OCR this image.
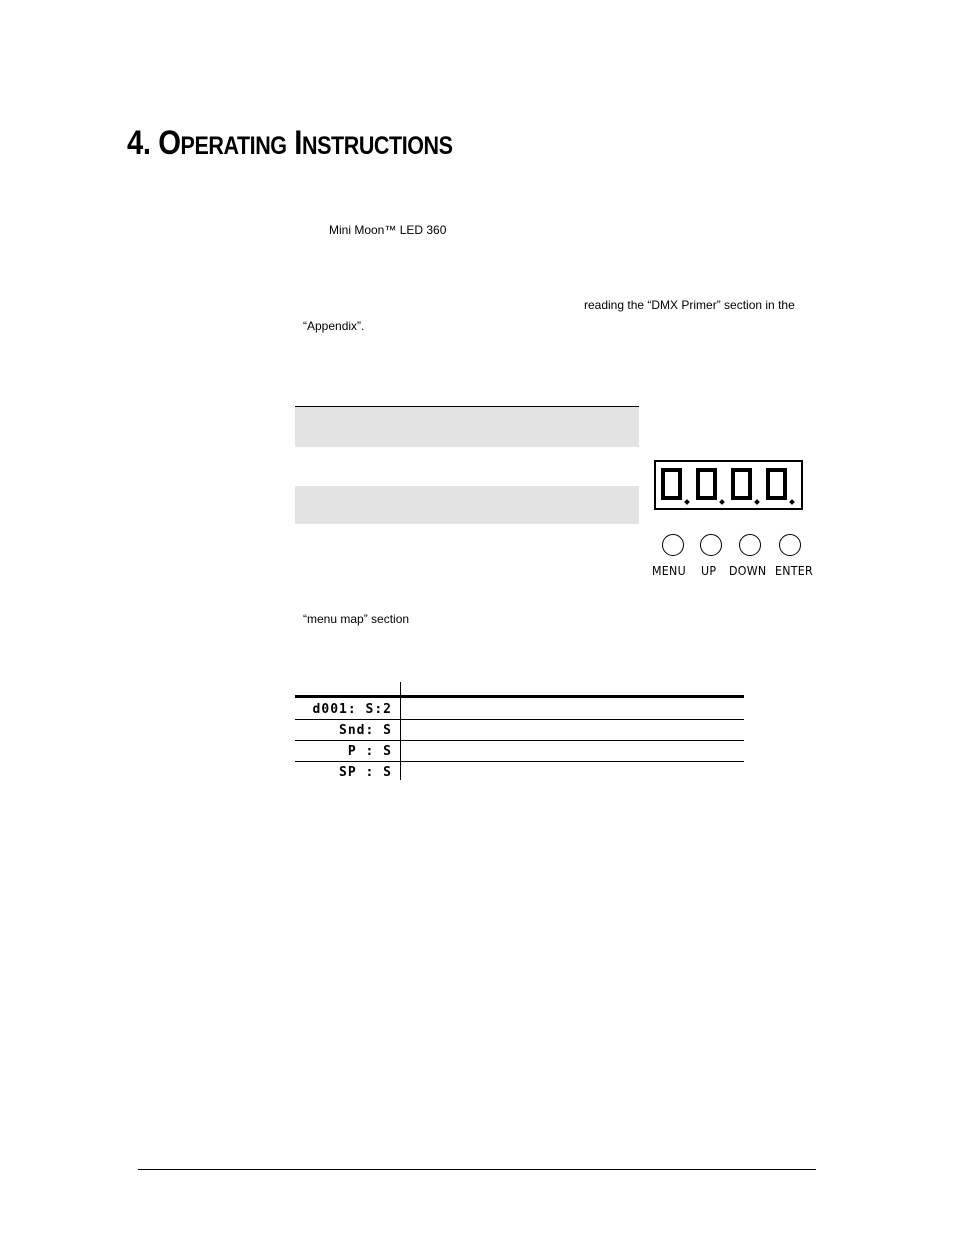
4. OPERATING INSTRUCTIONS
Mini Moon™ LED 360
reading the “DMX Primer” section in the
“Appendix”.
MENU UP DOWN ENTER
“menu map” section
d001: S:2
Snd: S
P : S
SP : S
